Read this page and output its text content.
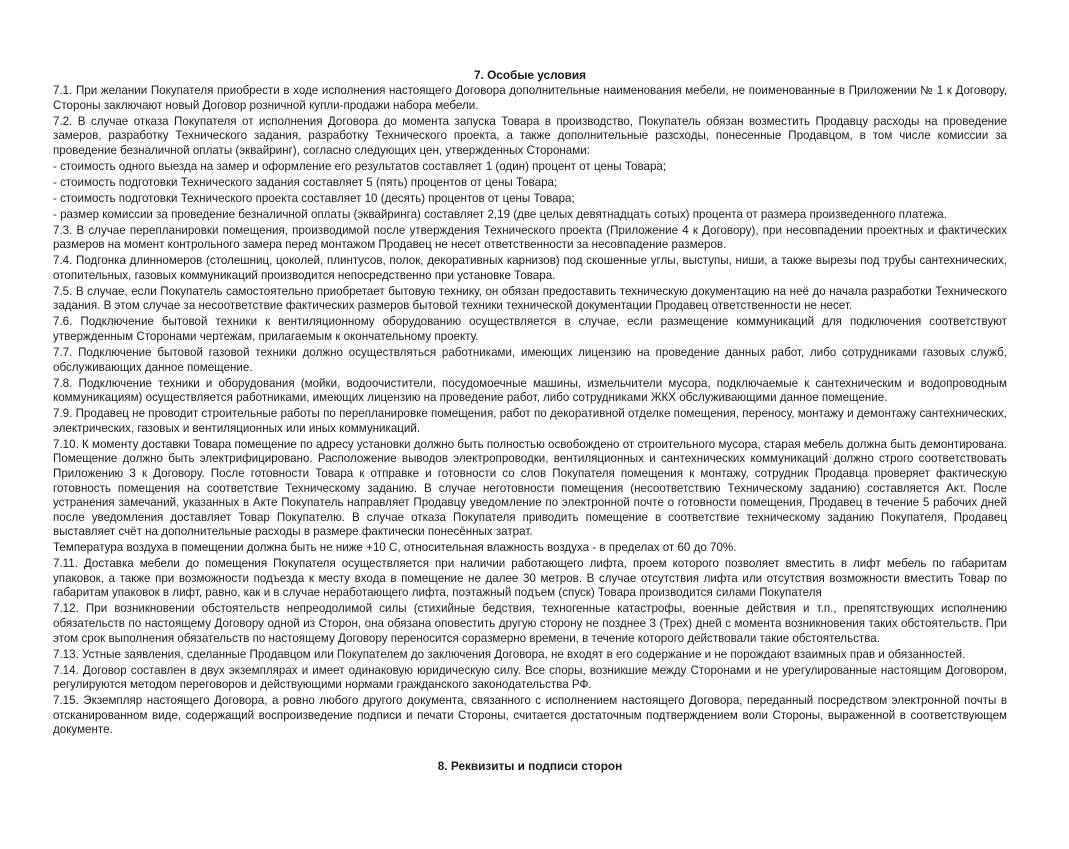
7. Особые условия
7.1. При желании Покупателя приобрести в ходе исполнения настоящего Договора дополнительные наименования мебели, не поименованные в Приложении № 1 к Договору, Стороны заключают новый Договор розничной купли-продажи набора мебели.
7.2. В случае отказа Покупателя от исполнения Договора до момента запуска Товара в производство, Покупатель обязан возместить Продавцу расходы на проведение замеров, разработку Технического задания, разработку Технического проекта, а также дополнительные разсходы, понесенные Продавцом, в том числе комиссии за проведение безналичной оплаты (эквайринг), согласно следующих цен, утвержденных Сторонами:
- стоимость одного выезда на замер и оформление его результатов составляет 1 (один) процент от цены Товара;
- стоимость подготовки Технического задания составляет 5 (пять) процентов от цены Товара;
- стоимость подготовки Технического проекта составляет 10 (десять) процентов от цены Товара;
- размер комиссии за проведение безналичной оплаты (эквайринга) составляет 2,19 (две целых девятнадцать сотых) процента от размера произведенного платежа.
7.3. В случае перепланировки помещения, производимой после утверждения Технического проекта (Приложение 4 к Договору), при несовпадении проектных и фактических размеров на момент контрольного замера перед монтажом Продавец не несет ответственности за несовпадение размеров.
7.4. Подгонка длинномеров (столешниц, цоколей, плинтусов, полок, декоративных карнизов) под скошенные углы, выступы, ниши, а также вырезы под трубы сантехнических, отопительных, газовых коммуникаций производится непосредственно при установке Товара.
7.5. В случае, если Покупатель самостоятельно приобретает бытовую технику, он обязан предоставить техническую документацию на неё до начала разработки Технического задания. В этом случае за несоответствие фактических размеров бытовой техники технической документации Продавец ответственности не несет.
7.6. Подключение бытовой техники к вентиляционному оборудованию осуществляется в случае, если размещение коммуникаций для подключения соответствуют утвержденным Сторонами чертежам, прилагаемым к окончательному проекту.
7.7. Подключение бытовой газовой техники должно осуществляться работниками, имеющих лицензию на проведение данных работ, либо сотрудниками газовых служб, обслуживающих данное помещение.
7.8. Подключение техники и оборудования (мойки, водоочистители, посудомоечные машины, измельчители мусора, подключаемые к сантехническим и водопроводным коммуникациям) осуществляется работниками, имеющих лицензию на проведение работ, либо сотрудниками ЖКХ обслуживающими данное помещение.
7.9. Продавец не проводит строительные работы по перепланировке помещения, работ по декоративной отделке помещения, переносу, монтажу и демонтажу сантехнических, электрических, газовых и вентиляционных или иных коммуникаций.
7.10. К моменту доставки Товара помещение по адресу установки должно быть полностью освобождено от строительного мусора, старая мебель должна быть демонтирована. Помещение должно быть электрифицировано. Расположение выводов электропроводки, вентиляционных и сантехнических коммуникаций должно строго соответствовать Приложению 3 к Договору. После готовности Товара к отправке и готовности со слов Покупателя помещения к монтажу, сотрудник Продавца проверяет фактическую готовность помещения на соответствие Техническому заданию. В случае неготовности помещения (несоответствию Техническому заданию) составляется Акт. После устранения замечаний, указанных в Акте Покупатель направляет Продавцу уведомление по электронной почте о готовности помещения, Продавец в течение 5 рабочих дней после уведомления доставляет Товар Покупателю. В случае отказа Покупателя приводить помещение в соответствие техническому заданию Покупателя, Продавец выставляет счёт на дополнительные расходы в размере фактически понесённых затрат.
Температура воздуха в помещении должна быть не ниже +10 С, относительная влажность воздуха - в пределах от 60 до 70%.
7.11. Доставка мебели до помещения Покупателя осуществляется при наличии работающего лифта, проем которого позволяет вместить в лифт мебель по габаритам упаковок, а также при возможности подъезда к месту входа в помещение не далее 30 метров. В случае отсутствия лифта или отсутствия возможности вместить Товар по габаритам упаковок в лифт, равно, как и в случае неработающего лифта, поэтажный подъем (спуск) Товара производится силами Покупателя
7.12. При возникновении обстоятельств непреодолимой силы (стихийные бедствия, техногенные катастрофы, военные действия и т.п., препятствующих исполнению обязательств по настоящему Договору одной из Сторон, она обязана оповестить другую сторону не позднее 3 (Трех) дней с момента возникновения таких обстоятельств. При этом срок выполнения обязательств по настоящему Договору переносится соразмерно времени, в течение которого действовали такие обстоятельства.
7.13. Устные заявления, сделанные Продавцом или Покупателем до заключения Договора, не входят в его содержание и не порождают взаимных прав и обязанностей.
7.14. Договор составлен в двух экземплярах и имеет одинаковую юридическую силу. Все споры, возникшие между Сторонами и не урегулированные настоящим Договором, регулируются методом переговоров и действующими нормами гражданского законодательства РФ.
7.15. Экземпляр настоящего Договора, а ровно любого другого документа, связанного с исполнением настоящего Договора, переданный посредством электронной почты в отсканированном виде, содержащий воспроизведение подписи и печати Стороны, считается достаточным подтверждением воли Стороны, выраженной в соответствующем документе.
8. Реквизиты и подписи сторон
